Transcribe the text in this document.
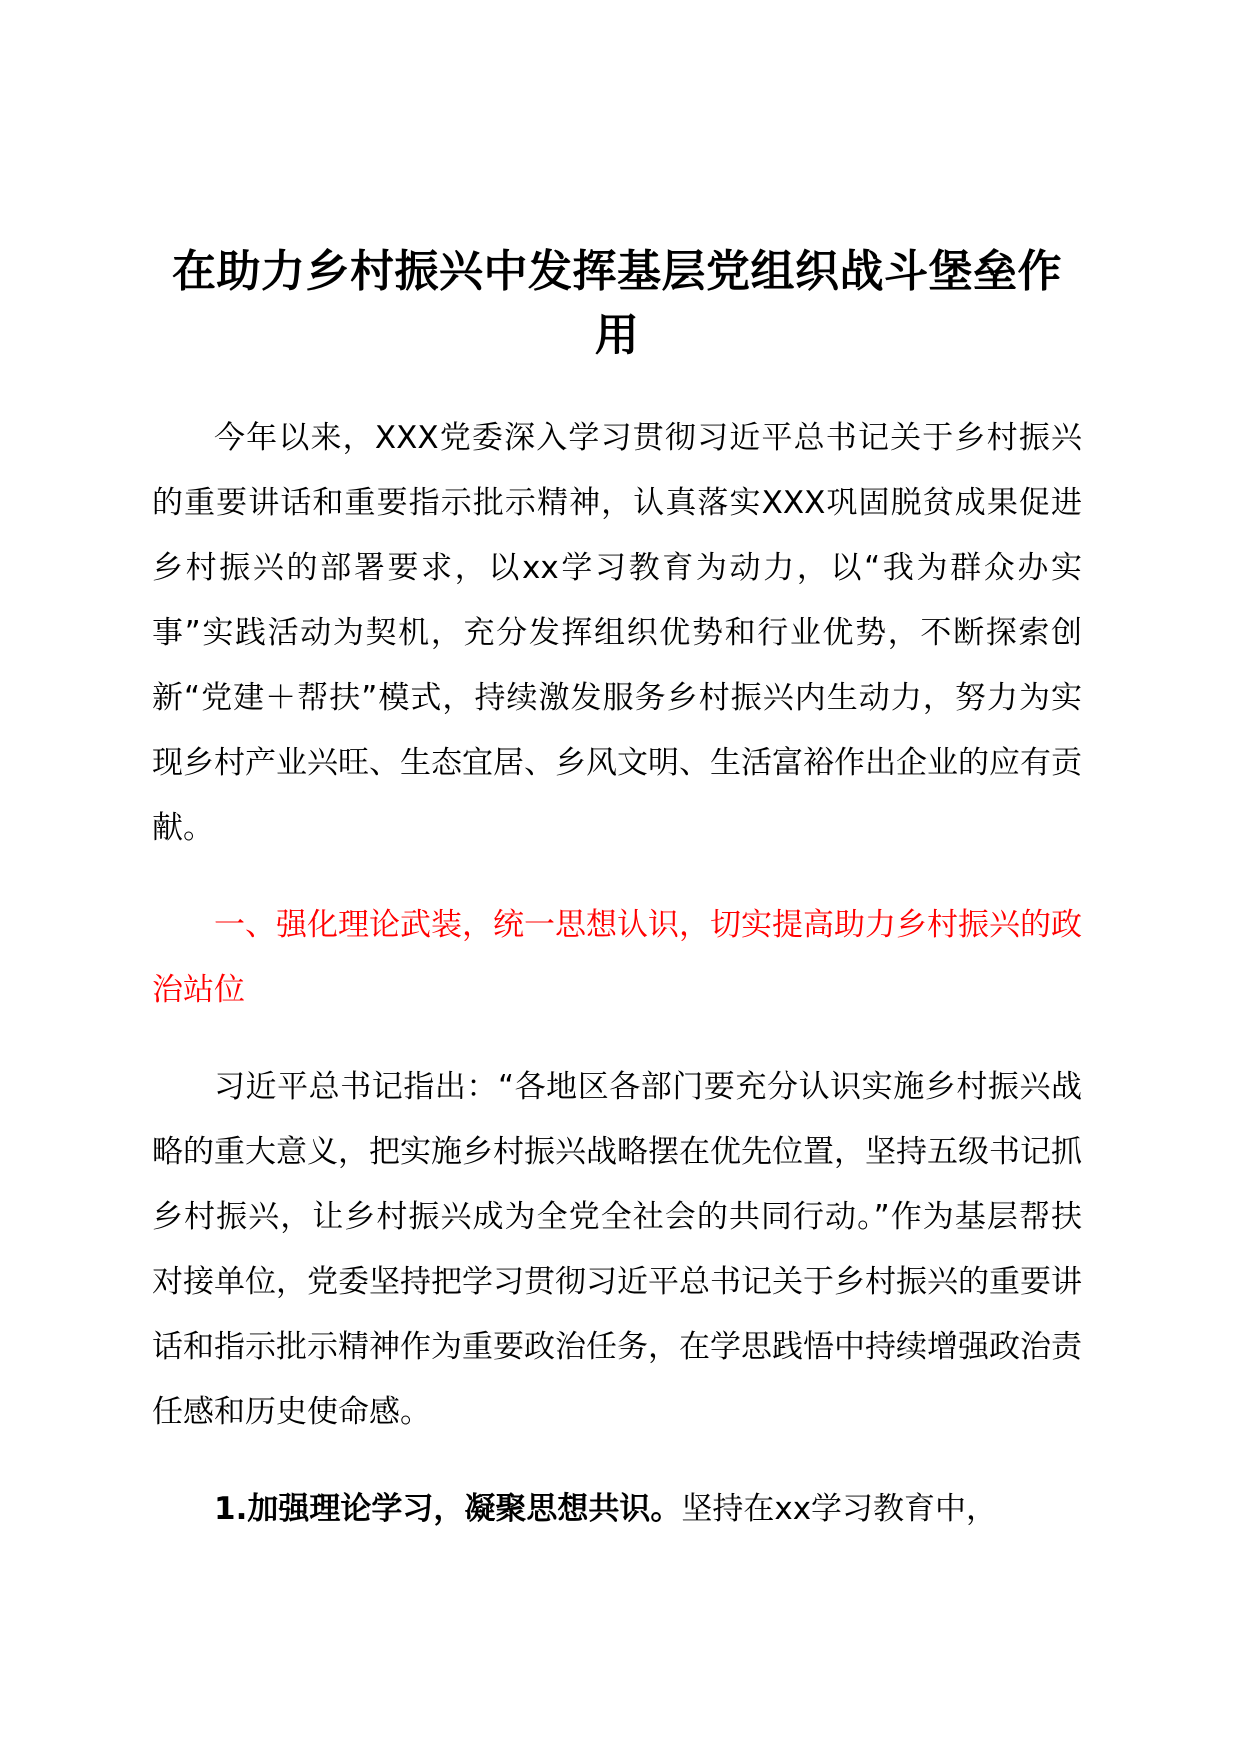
在助力乡村振兴中发挥基层党组织战斗堡垒作用

今年以来，XXX党委深入学习贯彻习近平总书记关于乡村振兴的重要讲话和重要指示批示精神，认真落实XXX巩固脱贫成果促进乡村振兴的部署要求，以xx学习教育为动力，以“我为群众办实事”实践活动为契机，充分发挥组织优势和行业优势，不断探索创新“党建＋帮扶”模式，持续激发服务乡村振兴内生动力，努力为实现乡村产业兴旺、生态宜居、乡风文明、生活富裕作出企业的应有贡献。

一、强化理论武装，统一思想认识，切实提高助力乡村振兴的政治站位

习近平总书记指出：“各地区各部门要充分认识实施乡村振兴战略的重大意义，把实施乡村振兴战略摆在优先位置，坚持五级书记抓乡村振兴，让乡村振兴成为全党全社会的共同行动。”作为基层帮扶对接单位，党委坚持把学习贯彻习近平总书记关于乡村振兴的重要讲话和指示批示精神作为重要政治任务，在学思践悟中持续增强政治责任感和历史使命感。

1.加强理论学习，凝聚思想共识。坚持在xx学习教育中，
